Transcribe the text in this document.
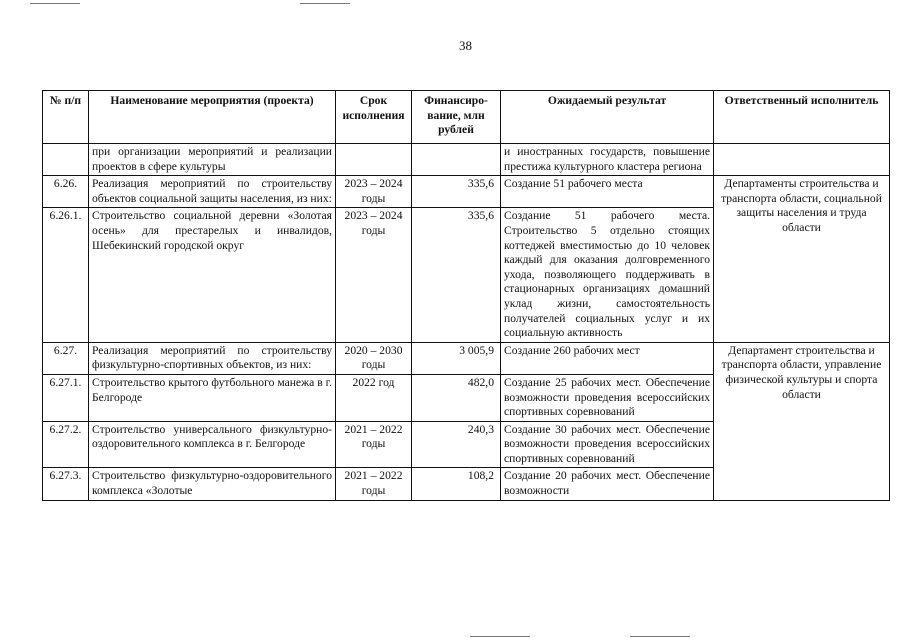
38
№ п/п	Наименование мероприятия (проекта)	Срок исполнения	Финансиро-вание, млн рублей	Ожидаемый результат	Ответственный исполнитель
	при организации мероприятий и реализации проектов в сфере культуры			и иностранных государств, повышение престижа культурного кластера региона	
6.26.	Реализация мероприятий по строительству объектов социальной защиты населения, из них:	2023 – 2024 годы	335,6	Создание 51 рабочего места	Департаменты строительства и транспорта области, социальной защиты населения и труда области
6.26.1.	Строительство социальной деревни «Золотая осень» для престарелых и инвалидов, Шебекинский городской округ	2023 – 2024 годы	335,6	Создание 51 рабочего места. Строительство 5 отдельно стоящих коттеджей вместимостью до 10 человек каждый для оказания долговременного ухода, позволяющего поддерживать в стационарных организациях домашний уклад жизни, самостоятельность получателей социальных услуг и их социальную активность	
6.27.	Реализация мероприятий по строительству физкультурно-спортивных объектов, из них:	2020 – 2030 годы	3 005,9	Создание 260 рабочих мест	Департамент строительства и транспорта области, управление физической культуры и спорта области
6.27.1.	Строительство крытого футбольного манежа в г. Белгороде	2022 год	482,0	Создание 25 рабочих мест. Обеспечение возможности проведения всероссийских спортивных соревнований	
6.27.2.	Строительство универсального физкультурно-оздоровительного комплекса в г. Белгороде	2021 – 2022 годы	240,3	Создание 30 рабочих мест. Обеспечение возможности проведения всероссийских спортивных соревнований	
6.27.3.	Строительство физкультурно-оздоровительного комплекса «Золотые	2021 – 2022 годы	108,2	Создание 20 рабочих мест. Обеспечение возможности	
